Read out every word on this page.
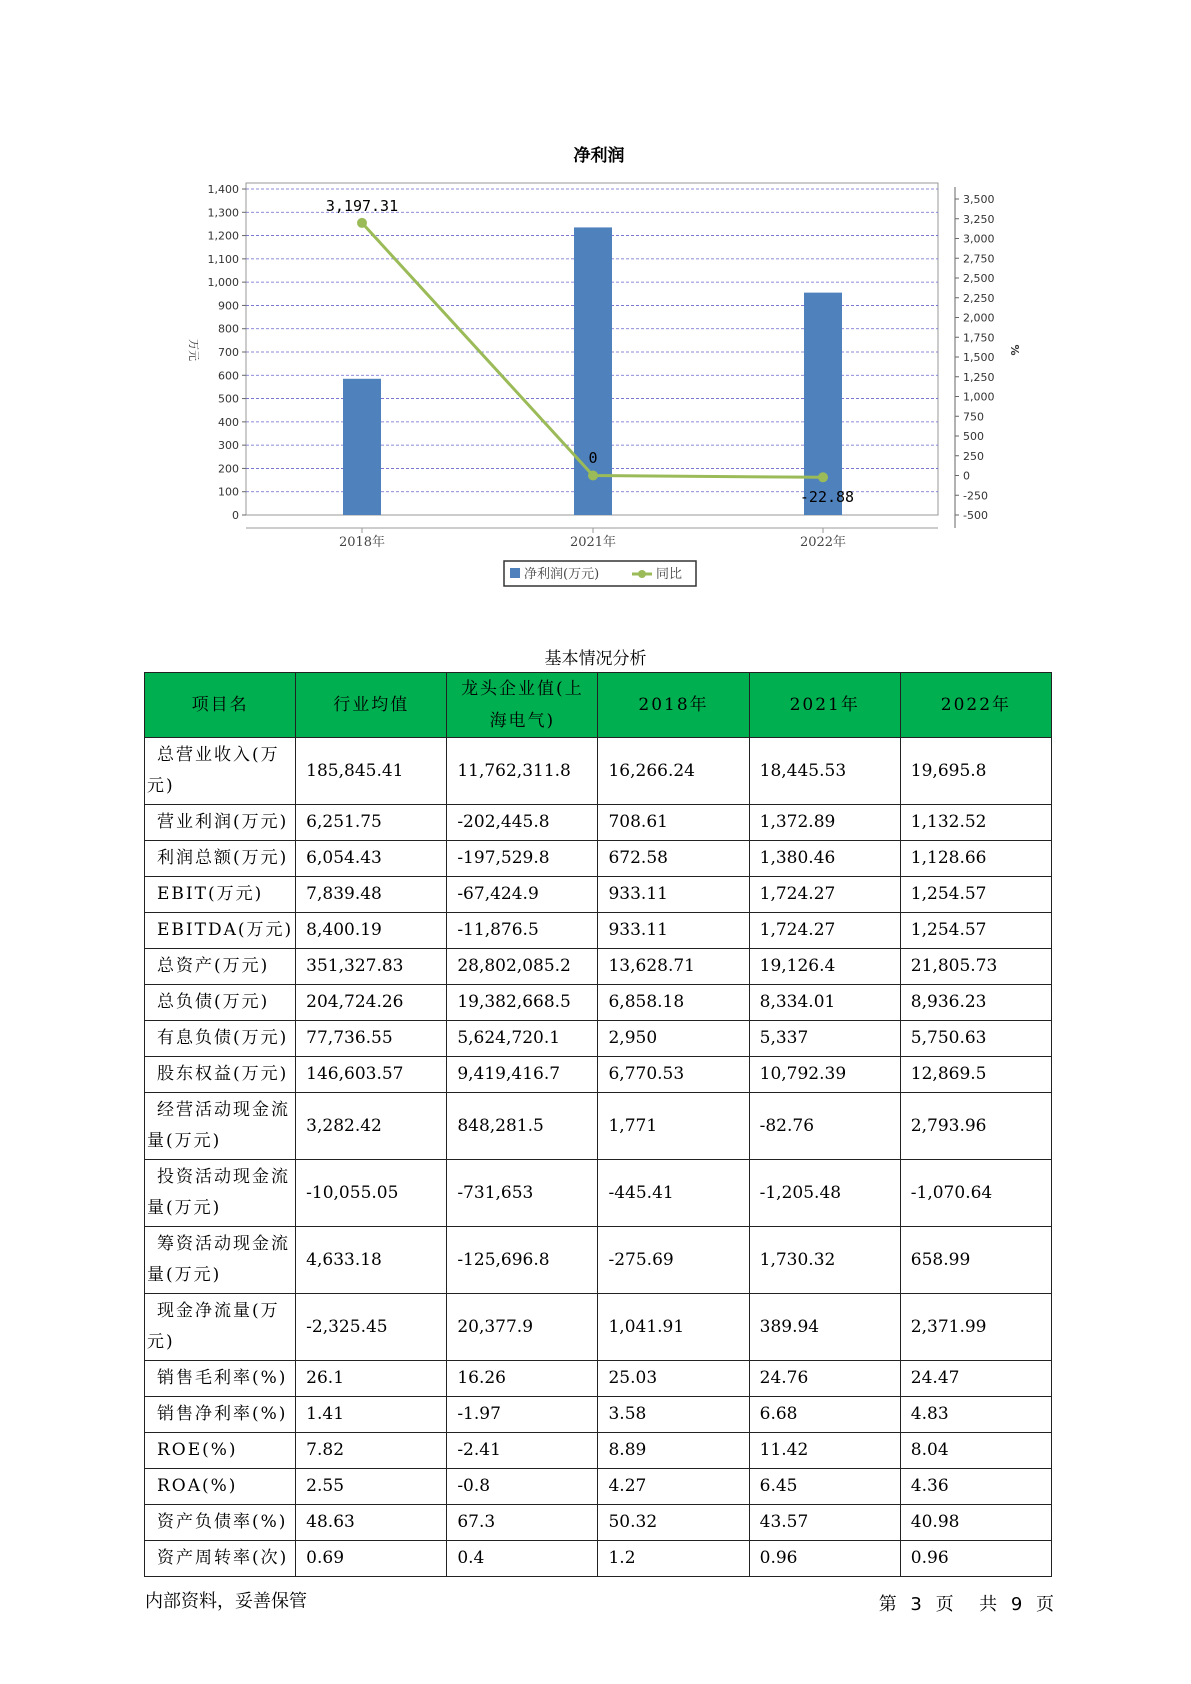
净利润
0
100
200
300
400
500
600
700
800
900
1,000
1,100
1,200
1,300
1,400
-500
-250
0
250
500
750
1,000
1,250
1,500
1,750
2,000
2,250
2,500
2,750
3,000
3,250
3,500
万元	%
2018年	2021年	2022年
3,197.31
0
-22.88
净利润(万元)	同比
基本情况分析
项目名	行业均值	龙头企业值(上海电气)	2018年	2021年	2022年
总营业收入(万元)	185,845.41	11,762,311.8	16,266.24	18,445.53	19,695.8
营业利润(万元)	6,251.75	-202,445.8	708.61	1,372.89	1,132.52
利润总额(万元)	6,054.43	-197,529.8	672.58	1,380.46	1,128.66
EBIT(万元)	7,839.48	-67,424.9	933.11	1,724.27	1,254.57
EBITDA(万元)	8,400.19	-11,876.5	933.11	1,724.27	1,254.57
总资产(万元)	351,327.83	28,802,085.2	13,628.71	19,126.4	21,805.73
总负债(万元)	204,724.26	19,382,668.5	6,858.18	8,334.01	8,936.23
有息负债(万元)	77,736.55	5,624,720.1	2,950	5,337	5,750.63
股东权益(万元)	146,603.57	9,419,416.7	6,770.53	10,792.39	12,869.5
经营活动现金流量(万元)	3,282.42	848,281.5	1,771	-82.76	2,793.96
投资活动现金流量(万元)	-10,055.05	-731,653	-445.41	-1,205.48	-1,070.64
筹资活动现金流量(万元)	4,633.18	-125,696.8	-275.69	1,730.32	658.99
现金净流量(万元)	-2,325.45	20,377.9	1,041.91	389.94	2,371.99
销售毛利率(%)	26.1	16.26	25.03	24.76	24.47
销售净利率(%)	1.41	-1.97	3.58	6.68	4.83
ROE(%)	7.82	-2.41	8.89	11.42	8.04
ROA(%)	2.55	-0.8	4.27	6.45	4.36
资产负债率(%)	48.63	67.3	50.32	43.57	40.98
资产周转率(次)	0.69	0.4	1.2	0.96	0.96
内部资料，妥善保管	第 3 页 共 9 页
